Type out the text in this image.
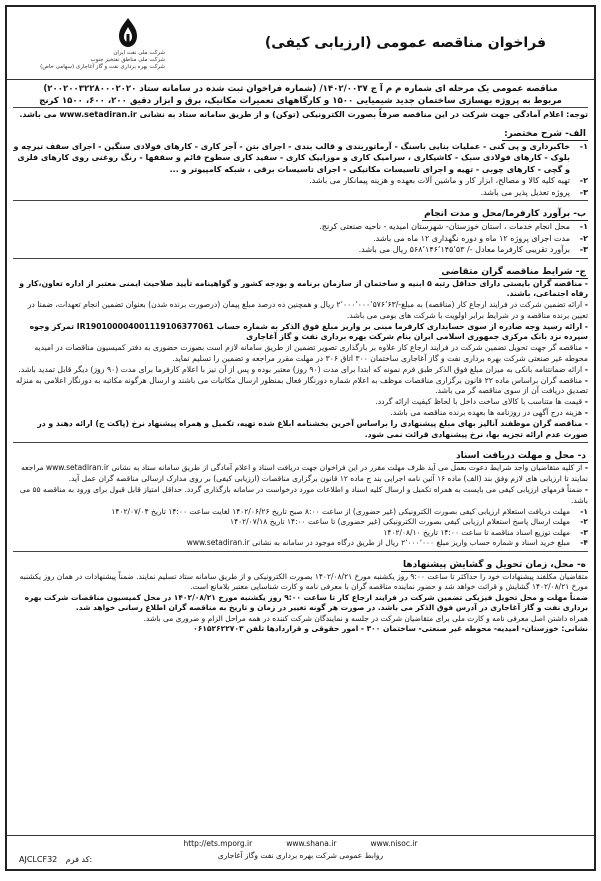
فراخوان مناقصه عمومی (ارزیابی کیفی)
شرکت ملی نفت ایران
شرکت ملی مناطق نفتخیز جنوب
شرکت بهره برداری نفت و گاز آغاجاری (سهامی خاص)
مناقصه عمومی یک مرحله ای شماره م م آ ج ۱۴۰۲/۰۰۳۷/ (شماره فراخوان ثبت شده در سامانه ستاد ۲۰۰۲۰۰۳۲۲۸۰۰۰۲۰۲۰)
مربوط به پروژه بهسازی ساختمان جدید شیمیایی ۱۵۰۰ و کارگاههای تعمیرات مکانیک، برق و ابزار دقیق ۲۰۰، ۶۰۰، ۱۵۰۰ کرنج
توجه: اعلام آمادگی جهت شرکت در این مناقصه صرفاً بصورت الکترونیکی (توکن) و از طریق سامانه ستاد به نشانی www.setadiran.ir می باشد.
الف- شرح مختصر:
۱-
خاکبرداری و پی کنی - عملیات بنایی باسنگ - آرماتوربندی و قالب بندی - اجرای بتن - آجر کاری - کارهای فولادی سنگین - اجرای سقف تیرچه و بلوک - کارهای فولادی سبک - کاشیکاری ، سرامیک کاری و موزاییک کاری - سفید کاری سطوح قائم و سقفها - رنگ روغنی روی کارهای فلزی و گچی - کارهای چوبی - تهیه و اجرای تاسیسات مکانیکی - اجرای تاسیسات برقی ، شبکه کامپیوتر و ...
۲-
تهیه کلیه کالا و مصالح، ابزار کار و ماشین آلات بعهده و هزینه پیمانکار می باشد.
۳-
پروژه تعدیل پذیر می باشد.
ب- برآورد کارفرما/محل و مدت انجام
۱-
محل انجام خدمات ، استان خوزستان- شهرستان امیدیه - ناحیه صنعتی کرنج.
۲-
مدت اجرای پروژه ۱۲ ماه و دوره نگهداری ۱۲ ماه می باشد.
۳-
برآورد تقریبی کارفرما معادل -/ ۵۶۸٬۱۴۶٬۱۴۵٬۵۳ ریال می باشد.
ج- شرایط مناقصه گران متقاضی
- مناقصه گران بایستی دارای حداقل رتبه ۵ ابنیه و ساختمان از سازمان برنامه و بودجه کشور و گواهینامه تأیید صلاحیت ایمنی معتبر از اداره تعاون،کار و رفاه اجتماعی، باشند.
- ارائه تضمین شرکت در فرایند ارجاع کار (مناقصه) به مبلغ-/۲٬۰۰۰٬۰۰۰٬۵۷۶٬۶۳ ریال و همچنین ده درصد مبلغ پیمان (درصورت برنده شدن) بعنوان تضمین انجام تعهدات، ضمنا در تعیین برنده مناقصه و در شرایط برابر اولویت با شرکت های بومی می باشد.
- ارائه رسید وجه صادره از سوی حسابداری کارفرما مبنی بر واریز مبلغ فوق الذکر به شماره حساب IR190100004001119106377061 تمرکز وجوه سپرده نزد بانک مرکزی جمهوری اسلامی ایران بنام شرکت بهره برداری نفت و گاز آغاجاری
- مناقصه گر جهت تحویل تضمین شرکت در فرایند ارجاع کار علاوه بر بارگذاری تصویر تضمین از طریق سامانه لازم است بصورت حضوری به دفتر کمیسیون مناقصات در امیدیه محوطه غیر صنعتی شرکت بهره برداری نفت و گاز آغاجاری ساختمان ۳۰۰ اتاق ۳۰۶ در مهلت مقرر مراجعه و تضمین را تسلیم نماید.
- ارائه ضمانتنامه بانکی به میزان مبلغ فوق الذکر طبق فرم نمونه که ابتدا برای مدت (۹۰ روز) معتبر بوده و پس از آن نیز با اعلام کارفرما برای مدت (۹۰ روز) دیگر قابل تمدید باشد.
- مناقصه گران براساس ماده ۲۲ قانون برگزاری مناقصات موظف به اعلام شماره دورنگار فعال بمنظور ارسال مکاتبات می باشند و ارسال هرگونه مکاتبه به دورنگار اعلامی به منزله تصدیق دریافت آن از سوی مناقصه گر می باشد.
- قیمت ها متناسب با کالای ساخت داخل با لحاظ کیفیت ارائه گردد.
- هزینه درج آگهی در روزنامه ها بعهده برنده مناقصه می باشد.
- مناقصه گران موظفند آنالیز بهای مبلغ پیشنهادی را براساس آخرین بخشنامه ابلاغ شده تهیه، تکمیل و همراه پیشنهاد نرخ (پاکت ج) ارائه دهند و در صورت عدم ارائه تجزیه بها، نرخ پیشنهادی قرائت نمی شود.
د- محل و مهلت دریافت اسناد
- از کلیه متقاضیان واجد شرایط دعوت بعمل می آید ظرف مهلت مقرر در این فراخوان جهت دریافت اسناد و اعلام آمادگی از طریق سامانه ستاد به نشانی www.setadiran.ir مراجعه نمایند تا ارزیابی های لازم وفق بند (الف) ماده ۱۶ آئین نامه اجرایی بند ج ماده ۱۲ قانون برگزاری مناقصات (ارزیابی کیفی) بر روی مدارک ارسالی مناقصه گران عمل آید.
- ضمناً فرمهای ارزیابی کیفی می بایست به همراه تکمیل و ارسال کلیه اسناد و اطلاعات مورد درخواست در سامانه بارگذاری گردد. حداقل امتیاز قابل قبول برای ورود به مناقصه ۵۵ می باشد.
۱-
مهلت دریافت استعلام ارزیابی کیفی بصورت الکترونیکی (غیر حضوری) از ساعت ۸:۰۰ صبح تاریخ ۱۴۰۲/۰۶/۲۶ لغایت ساعت ۱۴:۰۰ تاریخ ۱۴۰۲/۰۷/۰۴
۲-
مهلت ارسال پاسخ استعلام ارزیابی کیفی بصورت الکترونیکی (غیر حضوری) تا ساعت ۱۴:۰۰ تاریخ ۱۴۰۲/۰۷/۱۸
۳-
مهلت توزیع اسناد مناقصه تا ساعت ۱۴:۰۰ تاریخ ۱۴۰۲/۰۸/۱۰
۴-
مبلغ خرید اسناد و شماره حساب واریز مبلغ ۲٬۰۰۰٬۰۰۰ ریال از طریق درگاه موجود در سامانه به نشانی www.setadiran.ir
ه- محل، زمان تحویل و گشایش پیشنهادها
متقاضیان مکلفند پیشنهادات خود را حداکثر تا ساعت ۹:۰۰ روز یکشنبه مورخ ۱۴۰۲/۰۸/۲۱ بصورت الکترونیکی و از طریق سامانه ستاد تسلیم نمایند. ضمناً پیشنهادات در همان روز یکشنبه مورخ ۱۴۰۲/۰۸/۲۱ گشایش و قرائت خواهد شد و حضور نماینده مناقصه گران با معرفی نامه و کارت شناسایی معتبر بلامانع است.
ضمناً مهلت و محل تحویل فیزیکی تضمین شرکت در فرایند ارجاع کار تا ساعت ۹:۰۰ روز یکشنبه مورخ ۱۴۰۲/۰۸/۲۱ در محل کمیسیون مناقصات شرکت بهره برداری نفت و گاز آغاجاری در آدرس فوق الذکر می باشد. در صورت هر گونه تغییر در زمان و تاریخ به مناقصه گران اطلاع رسانی خواهد شد.
همراه داشتن اصل معرفی نامه و کارت ملی برای متقاضیان شرکت در جلسه و نمایندگان شرکت کننده در همه مراحل الزام و ضروری می باشد.
نشانی: خوزستان- امیدیه- محوطه غیر صنعتی- ساختمان ۳۰۰ - امور حقوقی و قراردادها تلفن ۰۶۱۵۲۶۲۲۷۰۳
http://ets.mporg.ir	www.shana.ir	www.nisoc.ir
روابط عمومی شرکت بهره برداری نفت وگاز آغاجاری
AJCLCF32 کد فرم:
